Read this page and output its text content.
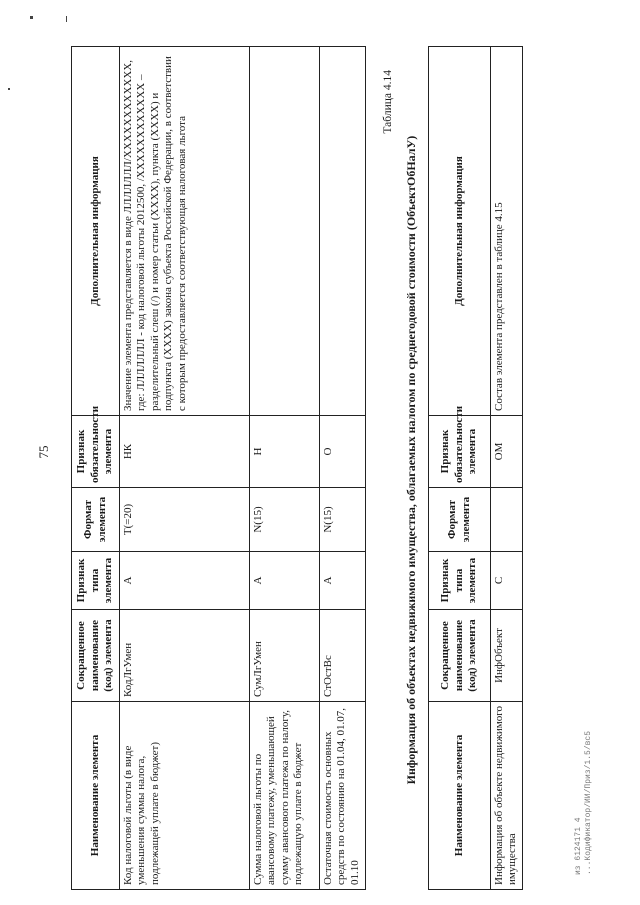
75
Наименование элемента	Сокращенное наименование (код) элемента	Признак типа элемента	Формат элемента	Признак обязательности элемента	Дополнительная информация
Код налоговой льготы (в виде уменьшения суммы налога, подлежащей уплате в бюджет)	КодЛгУмен	А	T(=20)	НК	Значение элемента представляется в виде ЛЛЛЛЛЛЛ/ХХХХХХХХХХХХ, где: ЛЛЛЛЛЛЛ - код налоговой льготы 2012500, /ХХХХХХХХХХХХ – разделительный слеш (/) и номер статьи (ХХХХ), пункта (ХХХХ) и подпункта (ХХХХ) закона субъекта Российской Федерации, в соответствии с которым предоставляется соответствующая налоговая льгота
Сумма налоговой льготы по авансовому платежу, уменьшающей сумму авансового платежа по налогу, подлежащую уплате в бюджет	СумЛгУмен	А	N(15)	Н	
Остаточная стоимость основных средств по состоянию на 01.04, 01.07, 01.10	СтОстВс	А	N(15)	О	
Таблица 4.14
Информация об объектах недвижимого имущества, облагаемых налогом по среднегодовой стоимости (ОбъектОбНалУ)
Наименование элемента	Сокращенное наименование (код) элемента	Признак типа элемента	Формат элемента	Признак обязательности элемента	Дополнительная информация
Информация об объекте недвижимого имущества	ИнфОбъект	С		ОМ	Состав элемента представлен в таблице 4.15
из 6124171 4 ...Кодификатор/ИИ/Приз/1.5/вс5
